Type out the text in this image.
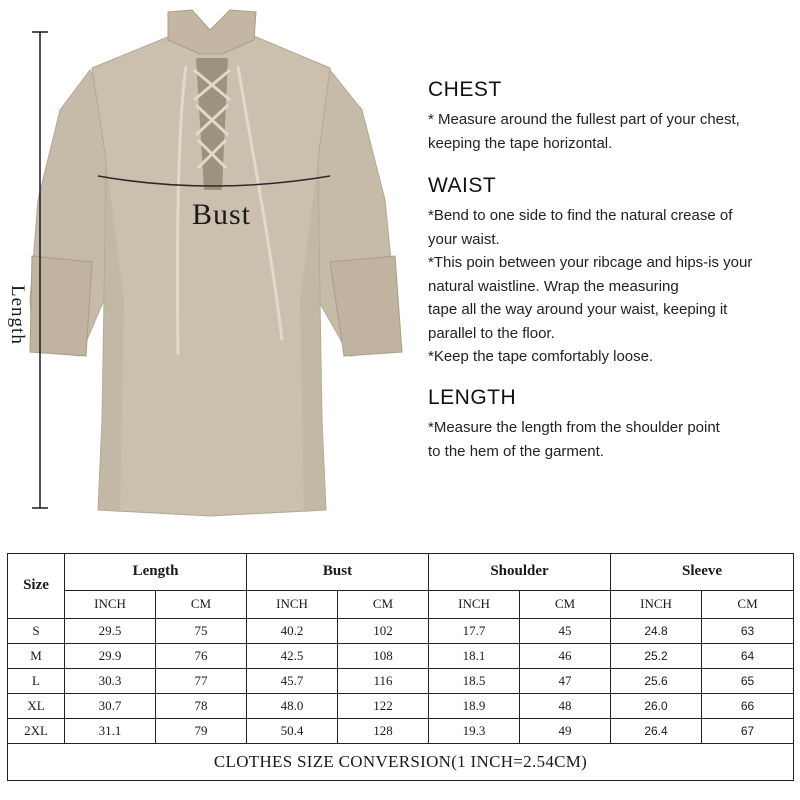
Length
Bust
CHEST

* Measure around the fullest part of your chest,

keeping the tape horizontal.

WAIST

*Bend to one side to find the natural crease of

your waist.

*This poin between your ribcage and hips-is your

natural waistline. Wrap the measuring

tape all the way around your waist, keeping it

parallel to the floor.

*Keep the tape comfortably loose.

LENGTH

*Measure the length from the shoulder point

to the hem of the garment.

Size	Length		Bust		Shoulder		Sleeve	
	INCH	CM	INCH	CM	INCH	CM	INCH	CM
S	29.5	75	40.2	102	17.7	45	24.8	63
M	29.9	76	42.5	108	18.1	46	25.2	64
L	30.3	77	45.7	116	18.5	47	25.6	65
XL	30.7	78	48.0	122	18.9	48	26.0	66
2XL	31.1	79	50.4	128	19.3	49	26.4	67
CLOTHES SIZE CONVERSION(1 INCH=2.54CM)								
